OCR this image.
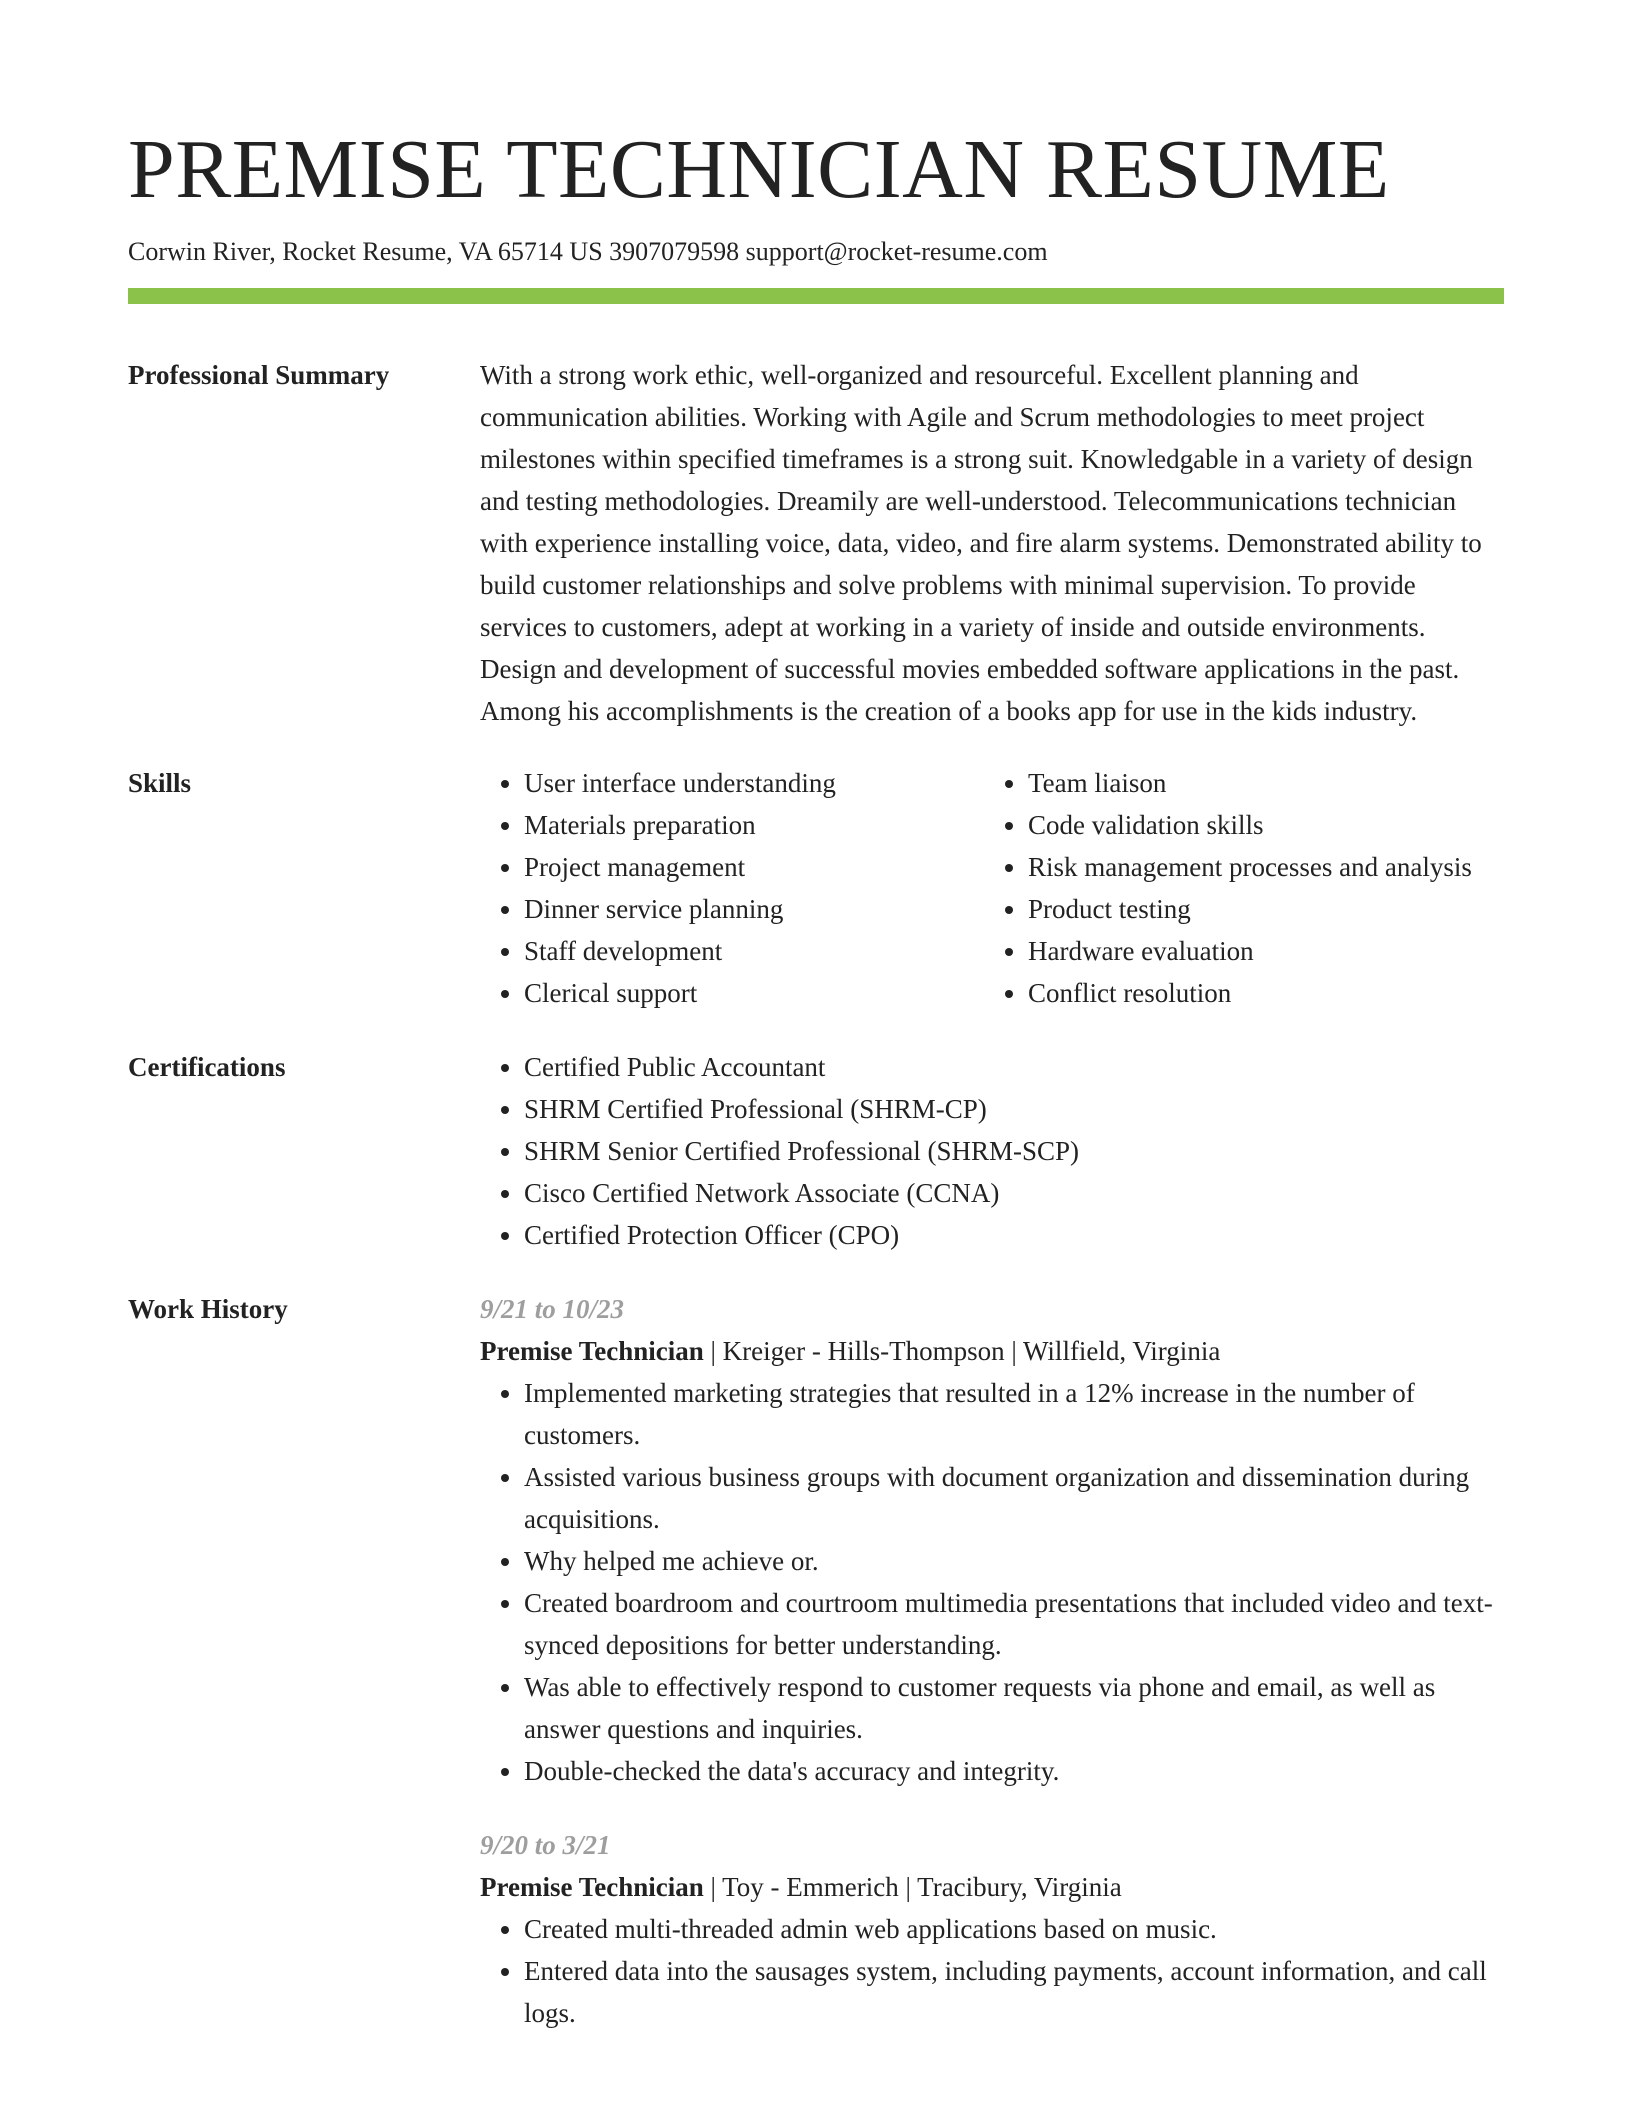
PREMISE TECHNICIAN RESUME
Corwin River, Rocket Resume, VA 65714 US 3907079598 support@rocket-resume.com
Professional Summary	With a strong work ethic, well-organized and resourceful. Excellent planning and communication abilities. Working with Agile and Scrum methodologies to meet project milestones within specified timeframes is a strong suit. Knowledgable in a variety of design and testing methodologies. Dreamily are well-understood. Telecommunications technician with experience installing voice, data, video, and fire alarm systems. Demonstrated ability to build customer relationships and solve problems with minimal supervision. To provide services to customers, adept at working in a variety of inside and outside environments. Design and development of successful movies embedded software applications in the past. Among his accomplishments is the creation of a books app for use in the kids industry.
Skills	• User interface understanding
• Materials preparation
• Project management
• Dinner service planning
• Staff development
• Clerical support
• Team liaison
• Code validation skills
• Risk management processes and analysis
• Product testing
• Hardware evaluation
• Conflict resolution
Certifications	• Certified Public Accountant
• SHRM Certified Professional (SHRM-CP)
• SHRM Senior Certified Professional (SHRM-SCP)
• Cisco Certified Network Associate (CCNA)
• Certified Protection Officer (CPO)
Work History	9/21 to 10/23
Premise Technician | Kreiger - Hills-Thompson | Willfield, Virginia
• Implemented marketing strategies that resulted in a 12% increase in the number of customers.
• Assisted various business groups with document organization and dissemination during acquisitions.
• Why helped me achieve or.
• Created boardroom and courtroom multimedia presentations that included video and text-synced depositions for better understanding.
• Was able to effectively respond to customer requests via phone and email, as well as answer questions and inquiries.
• Double-checked the data's accuracy and integrity.
9/20 to 3/21
Premise Technician | Toy - Emmerich | Tracibury, Virginia
• Created multi-threaded admin web applications based on music.
• Entered data into the sausages system, including payments, account information, and call logs.
